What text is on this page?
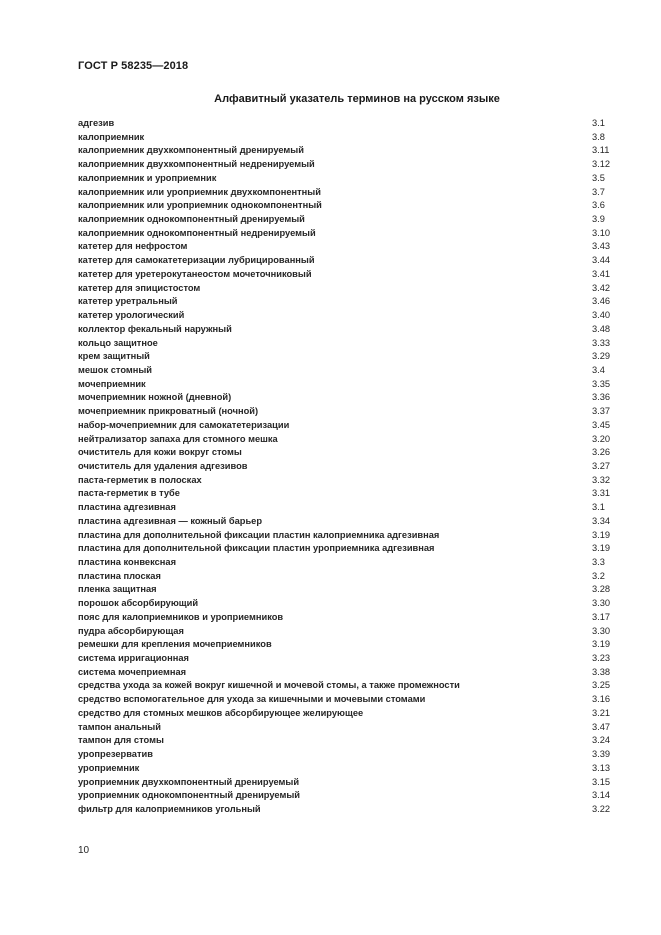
ГОСТ Р 58235—2018
Алфавитный указатель терминов на русском языке
адгезив	3.1
калоприемник	3.8
калоприемник двухкомпонентный дренируемый	3.11
калоприемник двухкомпонентный недренируемый	3.12
калоприемник и уроприемник	3.5
калоприемник или уроприемник двухкомпонентный	3.7
калоприемник или уроприемник однокомпонентный	3.6
калоприемник однокомпонентный дренируемый	3.9
калоприемник однокомпонентный недренируемый	3.10
катетер для нефростом	3.43
катетер для самокатетеризации лубрицированный	3.44
катетер для уретерокутанеостом мочеточниковый	3.41
катетер для эпицистостом	3.42
катетер уретральный	3.46
катетер урологический	3.40
коллектор фекальный наружный	3.48
кольцо защитное	3.33
крем защитный	3.29
мешок стомный	3.4
мочеприемник	3.35
мочеприемник ножной (дневной)	3.36
мочеприемник прикроватный (ночной)	3.37
набор-мочеприемник для самокатетеризации	3.45
нейтрализатор запаха для стомного мешка	3.20
очиститель для кожи вокруг стомы	3.26
очиститель для удаления адгезивов	3.27
паста-герметик в полосках	3.32
паста-герметик в тубе	3.31
пластина адгезивная	3.1
пластина адгезивная — кожный барьер	3.34
пластина для дополнительной фиксации пластин калоприемника адгезивная	3.19
пластина для дополнительной фиксации пластин уроприемника адгезивная	3.19
пластина конвексная	3.3
пластина плоская	3.2
пленка защитная	3.28
порошок абсорбирующий	3.30
пояс для калоприемников и уроприемников	3.17
пудра абсорбирующая	3.30
ремешки для крепления мочеприемников	3.19
система ирригационная	3.23
система мочеприемная	3.38
средства ухода за кожей вокруг кишечной и мочевой стомы, а также промежности	3.25
средство вспомогательное для ухода за кишечными и мочевыми стомами	3.16
средство для стомных мешков абсорбирующее желирующее	3.21
тампон анальный	3.47
тампон для стомы	3.24
уропрезерватив	3.39
уроприемник	3.13
уроприемник двухкомпонентный дренируемый	3.15
уроприемник однокомпонентный дренируемый	3.14
фильтр для калоприемников угольный	3.22
10
